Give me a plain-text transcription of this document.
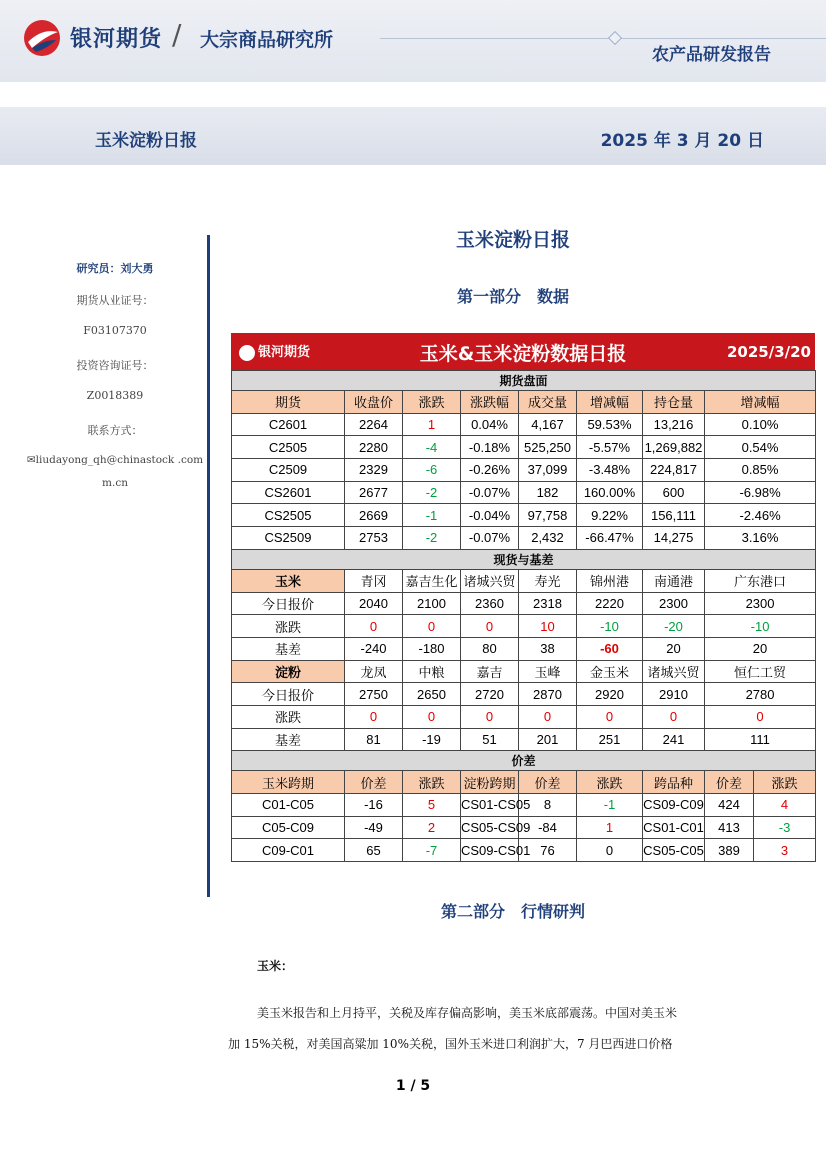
银河期货 / 大宗商品研究所
农产品研发报告
玉米淀粉日报	2025 年 3 月 20 日
研究员：刘大勇
期货从业证号：
F03107370
投资咨询证号：
Z0018389
联系方式：
✉liudayong_qh@chinastock .com
m.cn
玉米淀粉日报
第一部分　数据
银河期货	玉米&玉米淀粉数据日报	2025/3/20
期货盘面								
期货	收盘价	涨跌	涨跌幅	成交量	增减幅	持仓量	增减幅	
C2601	2264	1	0.04%	4,167	59.53%	13,216	0.10%	
C2505	2280	-4	-0.18%	525,250	-5.57%	1,269,882	0.54%	
C2509	2329	-6	-0.26%	37,099	-3.48%	224,817	0.85%	
CS2601	2677	-2	-0.07%	182	160.00%	600	-6.98%	
CS2505	2669	-1	-0.04%	97,758	9.22%	156,111	-2.46%	
CS2509	2753	-2	-0.07%	2,432	-66.47%	14,275	3.16%	
现货与基差								
玉米	青冈	嘉吉生化	诸城兴贸	寿光	锦州港	南通港	广东港口	
今日报价	2040	2100	2360	2318	2220	2300	2300	
涨跌	0	0	0	10	-10	-20	-10	
基差	-240	-180	80	38	-60	20	20	
淀粉	龙凤	中粮	嘉吉	玉峰	金玉米	诸城兴贸	恒仁工贸	
今日报价	2750	2650	2720	2870	2920	2910	2780	
涨跌	0	0	0	0	0	0	0	
基差	81	-19	51	201	251	241	111	
价差								
玉米跨期	价差	涨跌	淀粉跨期	价差	涨跌	跨品种	价差	涨跌
C01-C05	-16	5	CS01-CS05	8	-1	CS09-C09	424	4
C05-C09	-49	2	CS05-CS09	-84	1	CS01-C01	413	-3
C09-C01	65	-7	CS09-CS01	76	0	CS05-C05	389	3
第二部分　行情研判
玉米：
美玉米报告和上月持平，关税及库存偏高影响，美玉米底部震荡。中国对美玉米
加 15%关税，对美国高粱加 10%关税，国外玉米进口利润扩大，7 月巴西进口价格
1 / 5
